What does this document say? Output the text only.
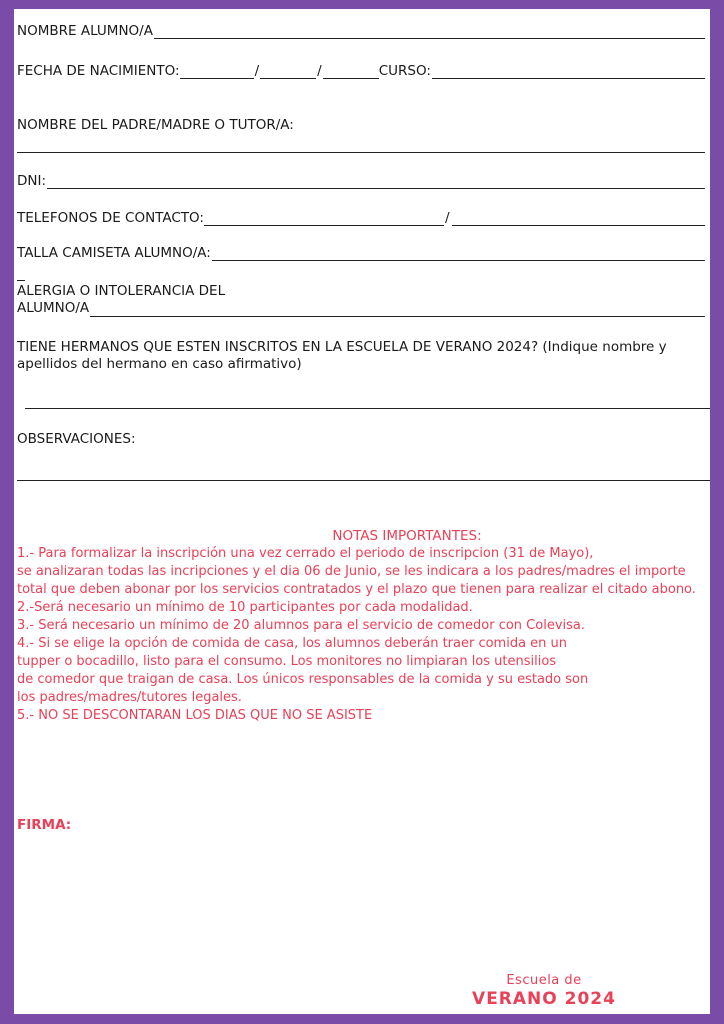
NOMBRE ALUMNO/A
FECHA DE NACIMIENTO:	/	/	CURSO:
NOMBRE DEL PADRE/MADRE O TUTOR/A:
DNI:
TELEFONOS DE CONTACTO:	/
TALLA CAMISETA ALUMNO/A:
ALERGIA O INTOLERANCIA DEL
ALUMNO/A
TIENE HERMANOS QUE ESTEN INSCRITOS EN LA ESCUELA DE VERANO 2024? (Indique nombre y apellidos del hermano en caso afirmativo)
OBSERVACIONES:
NOTAS IMPORTANTES:
1.- Para formalizar la inscripción una vez cerrado el periodo de inscripcion (31 de Mayo),
se analizaran todas las incripciones y el dia 06 de Junio, se les indicara a los padres/madres el importe total que deben abonar por los servicios contratados y el plazo que tienen para realizar el citado abono.
2.-Será necesario un mínimo de 10 participantes por cada modalidad.
3.- Será necesario un mínimo de 20 alumnos para el servicio de comedor con Colevisa.
4.- Si se elige la opción de comida de casa, los alumnos deberán traer comida en un
tupper o bocadillo, listo para el consumo. Los monitores no limpiaran los utensilios
de comedor que traigan de casa. Los únicos responsables de la comida y su estado son
los padres/madres/tutores legales.
5.- NO SE DESCONTARAN LOS DIAS QUE NO SE ASISTE
FIRMA:
Escuela de
VERANO 2024
